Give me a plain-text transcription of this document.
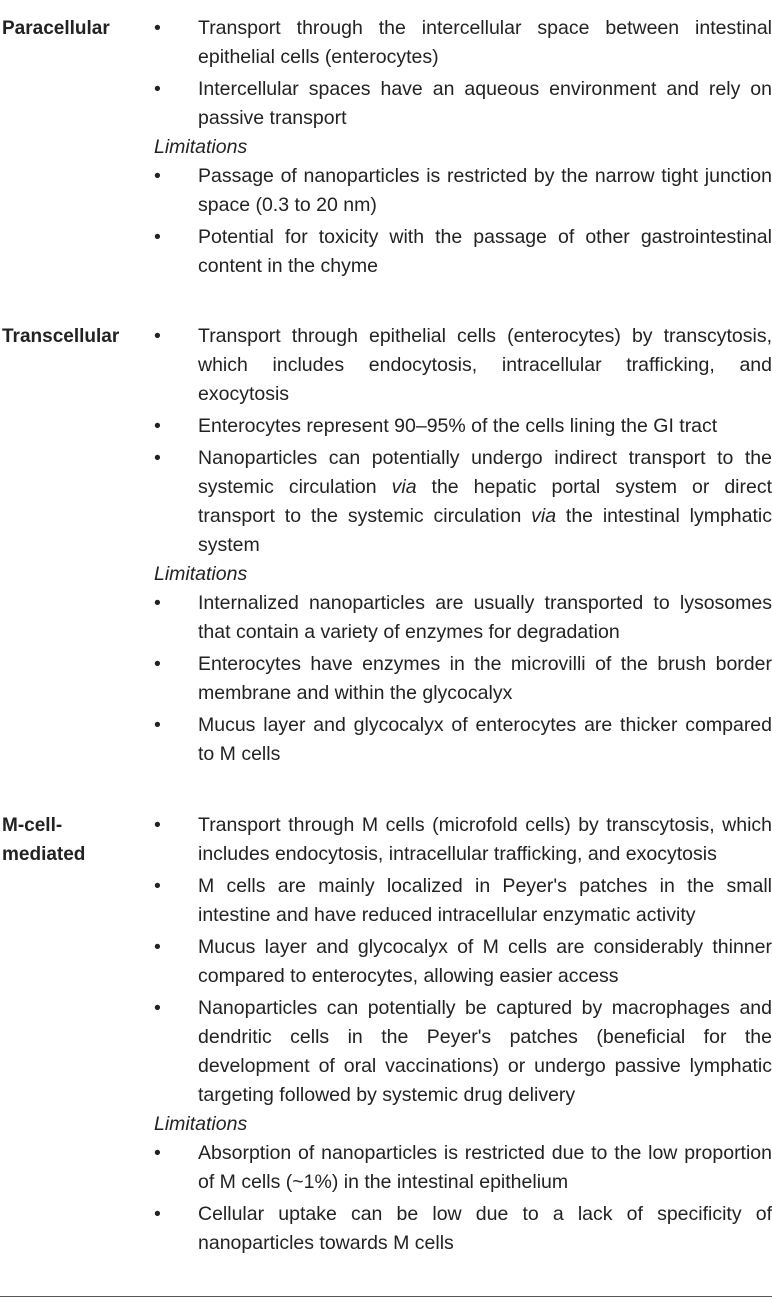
Paracellular	• Transport through the intercellular space between intestinal epithelial cells (enterocytes)
• Intercellular spaces have an aqueous environment and rely on passive transport
Limitations
• Passage of nanoparticles is restricted by the narrow tight junction space (0.3 to 20 nm)
• Potential for toxicity with the passage of other gastrointestinal content in the chyme
Transcellular	• Transport through epithelial cells (enterocytes) by transcytosis, which includes endocytosis, intracellular trafficking, and exocytosis
• Enterocytes represent 90–95% of the cells lining the GI tract
• Nanoparticles can potentially undergo indirect transport to the systemic circulation via the hepatic portal system or direct transport to the systemic circulation via the intestinal lymphatic system
Limitations
• Internalized nanoparticles are usually transported to lysosomes that contain a variety of enzymes for degradation
• Enterocytes have enzymes in the microvilli of the brush border membrane and within the glycocalyx
• Mucus layer and glycocalyx of enterocytes are thicker compared to M cells
M-cell-mediated
• Transport through M cells (microfold cells) by transcytosis, which includes endocytosis, intracellular trafficking, and exocytosis
• M cells are mainly localized in Peyer's patches in the small intestine and have reduced intracellular enzymatic activity
• Mucus layer and glycocalyx of M cells are considerably thinner compared to enterocytes, allowing easier access
• Nanoparticles can potentially be captured by macrophages and dendritic cells in the Peyer's patches (beneficial for the development of oral vaccinations) or undergo passive lymphatic targeting followed by systemic drug delivery
Limitations
• Absorption of nanoparticles is restricted due to the low proportion of M cells (~1%) in the intestinal epithelium
• Cellular uptake can be low due to a lack of specificity of nanoparticles towards M cells
